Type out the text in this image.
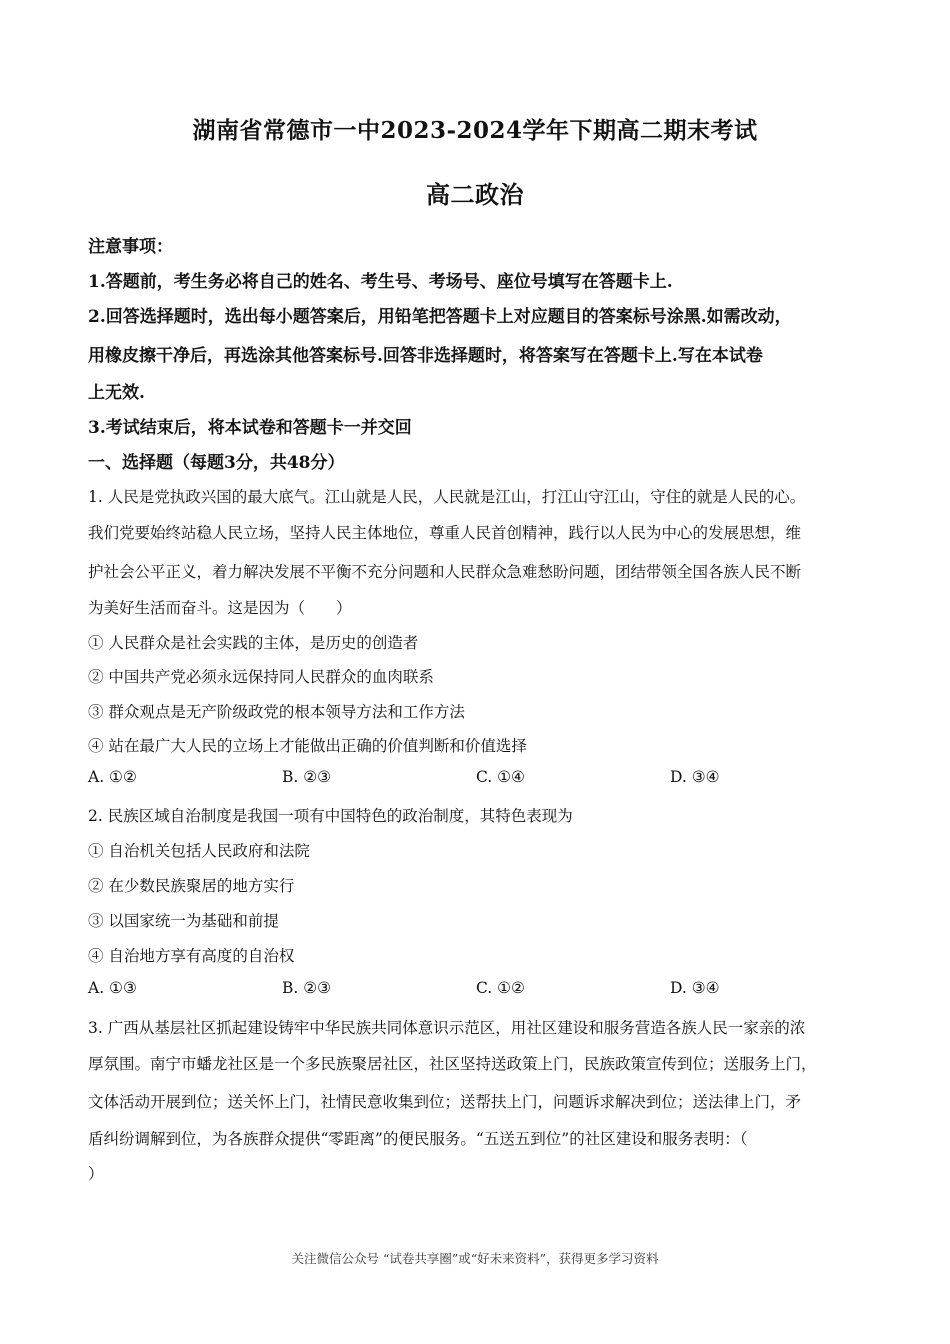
湖南省常德市一中2023-2024学年下期高二期末考试
高二政治
注意事项：
1.答题前，考生务必将自己的姓名、考生号、考场号、座位号填写在答题卡上.
2.回答选择题时，选出每小题答案后，用铅笔把答题卡上对应题目的答案标号涂黑.如需改动，
用橡皮擦干净后，再选涂其他答案标号.回答非选择题时，将答案写在答题卡上.写在本试卷
上无效.
3.考试结束后，将本试卷和答题卡一并交回
一、选择题（每题3分，共48分）
1. 人民是党执政兴国的最大底气。江山就是人民，人民就是江山，打江山守江山，守住的就是人民的心。
我们党要始终站稳人民立场，坚持人民主体地位，尊重人民首创精神，践行以人民为中心的发展思想，维
护社会公平正义，着力解决发展不平衡不充分问题和人民群众急难愁盼问题，团结带领全国各族人民不断
为美好生活而奋斗。这是因为（　　）
① 人民群众是社会实践的主体，是历史的创造者
② 中国共产党必须永远保持同人民群众的血肉联系
③ 群众观点是无产阶级政党的根本领导方法和工作方法
④ 站在最广大人民的立场上才能做出正确的价值判断和价值选择
A. ①②	B. ②③	C. ①④	D. ③④
2. 民族区域自治制度是我国一项有中国特色的政治制度，其特色表现为
① 自治机关包括人民政府和法院
② 在少数民族聚居的地方实行
③ 以国家统一为基础和前提
④ 自治地方享有高度的自治权
A. ①③	B. ②③	C. ①②	D. ③④
3. 广西从基层社区抓起建设铸牢中华民族共同体意识示范区，用社区建设和服务营造各族人民一家亲的浓
厚氛围。南宁市蟠龙社区是一个多民族聚居社区，社区坚持送政策上门，民族政策宣传到位；送服务上门，
文体活动开展到位；送关怀上门，社情民意收集到位；送帮扶上门，问题诉求解决到位；送法律上门，矛
盾纠纷调解到位，为各族群众提供“零距离”的便民服务。“五送五到位”的社区建设和服务表明：（
）
关注微信公众号 “试卷共享圈”或“好未来资料”，获得更多学习资料
